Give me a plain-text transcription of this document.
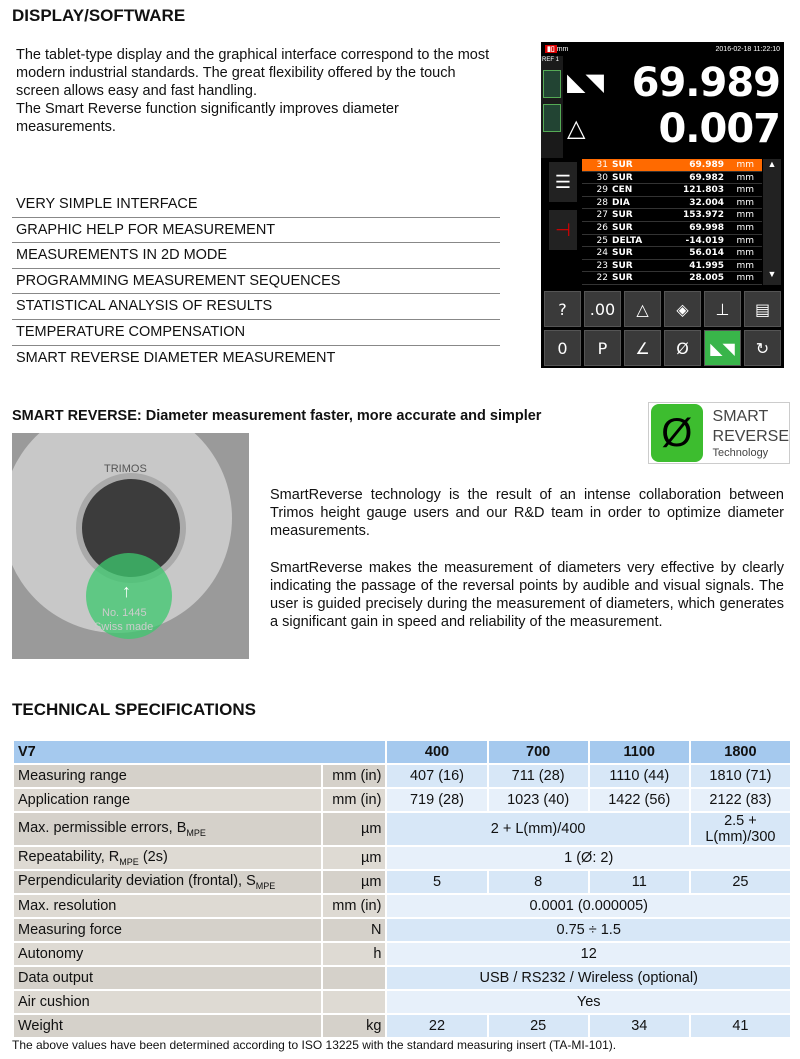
DISPLAY/SOFTWARE
The tablet-type display and the graphical interface correspond to the most modern industrial standards. The great flexibility offered by the touch screen allows easy and fast handling.
The Smart Reverse function significantly improves diameter measurements.
VERY SIMPLE INTERFACE
GRAPHIC HELP FOR MEASUREMENT
MEASUREMENTS IN 2D MODE
PROGRAMMING MEASUREMENT SEQUENCES
STATISTICAL ANALYSIS OF RESULTS
TEMPERATURE COMPENSATION
SMART REVERSE DIAMETER MEASUREMENT
▮▯ mm	2016-02-18 11:22:10
REF 1
◣◥
△
69.989
0.007
☰
⊣
31 SUR	69.989	mm
30 SUR	69.982	mm
29 CEN	121.803	mm
28 DIA	32.004	mm
27 SUR	153.972	mm
26 SUR	69.998	mm
25 DELTA	-14.019	mm
24 SUR	56.014	mm
23 SUR	41.995	mm
22 SUR	28.005	mm
▲
▼
?	.00	△	◈	⊥	▤
0	P	∠	Ø	◣◥	↻
SMART REVERSE: Diameter measurement faster, more accurate and simpler	Ø	SMART
REVERSE
Technology
TRIMOS
No. 1445
Swiss made
↑
SmartReverse technology is the result of an intense collaboration between Trimos height gauge users and our R&D team in order to optimize diameter measurements.
SmartReverse makes the measurement of diameters very effective by clearly indicating the passage of the reversal points by audible and visual signals. The user is guided precisely during the measurement of diameters, which generates a significant gain in speed and reliability of the measurement.
TECHNICAL SPECIFICATIONS
V7		400	700	1100	1800
Measuring range	mm (in)	407 (16)	711 (28)	1110 (44)	1810 (71)
Application range	mm (in)	719 (28)	1023 (40)	1422 (56)	2122 (83)
Max. permissible errors, $B_{MPE}$	µm	2 + L(mm)/400			2.5 + L(mm)/300
Repeatability, $R_{MPE}$ (2s)	µm	1 (Ø: 2)			
Perpendicularity deviation (frontal), $S_{MPE}$	µm	5	8	11	25
Max. resolution	mm (in)	0.0001 (0.000005)			
Measuring force	N	0.75 ÷ 1.5			
Autonomy	h	12			
Data output		USB / RS232 / Wireless (optional)			
Air cushion		Yes			
Weight	kg	22	25	34	41
The above values have been determined according to ISO 13225 with the standard measuring insert (TA-MI-101).
